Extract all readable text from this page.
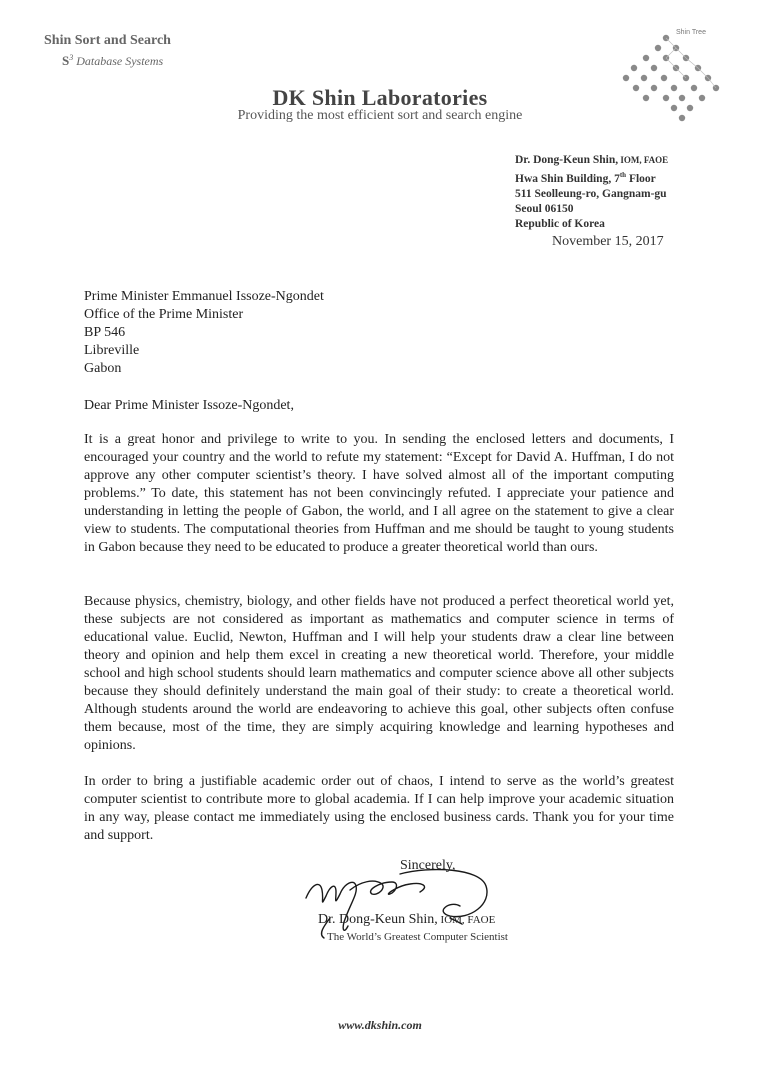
Shin Sort and Search
$S^3$ Database Systems
DK Shin Laboratories
Providing the most efficient sort and search engine
Shin Tree
Dr. Dong-Keun Shin, IOM, FAOE
Hwa Shin Building, 7th Floor
511 Seolleung-ro, Gangnam-gu
Seoul 06150
Republic of Korea
November 15, 2017
Prime Minister Emmanuel Issoze-Ngondet
Office of the Prime Minister
BP 546
Libreville
Gabon
Dear Prime Minister Issoze-Ngondet,

It is a great honor and privilege to write to you. In sending the enclosed letters and documents, I encouraged your country and the world to refute my statement: “Except for David A. Huffman, I do not approve any other computer scientist’s theory. I have solved almost all of the important computing problems.” To date, this statement has not been convincingly refuted. I appreciate your patience and understanding in letting the people of Gabon, the world, and I all agree on the statement to give a clear view to students. The computational theories from Huffman and me should be taught to young students in Gabon because they need to be educated to produce a greater theoretical world than ours.

Because physics, chemistry, biology, and other fields have not produced a perfect theoretical world yet, these subjects are not considered as important as mathematics and computer science in terms of educational value. Euclid, Newton, Huffman and I will help your students draw a clear line between theory and opinion and help them excel in creating a new theoretical world. Therefore, your middle school and high school students should learn mathematics and computer science above all other subjects because they should definitely understand the main goal of their study: to create a theoretical world. Although students around the world are endeavoring to achieve this goal, other subjects often confuse them because, most of the time, they are simply acquiring knowledge and learning hypotheses and opinions.

In order to bring a justifiable academic order out of chaos, I intend to serve as the world’s greatest computer scientist to contribute more to global academia. If I can help improve your academic situation in any way, please contact me immediately using the enclosed business cards. Thank you for your time and support.

Sincerely,
Dr. Dong-Keun Shin, IOM, FAOE
The World’s Greatest Computer Scientist
www.dkshin.com
